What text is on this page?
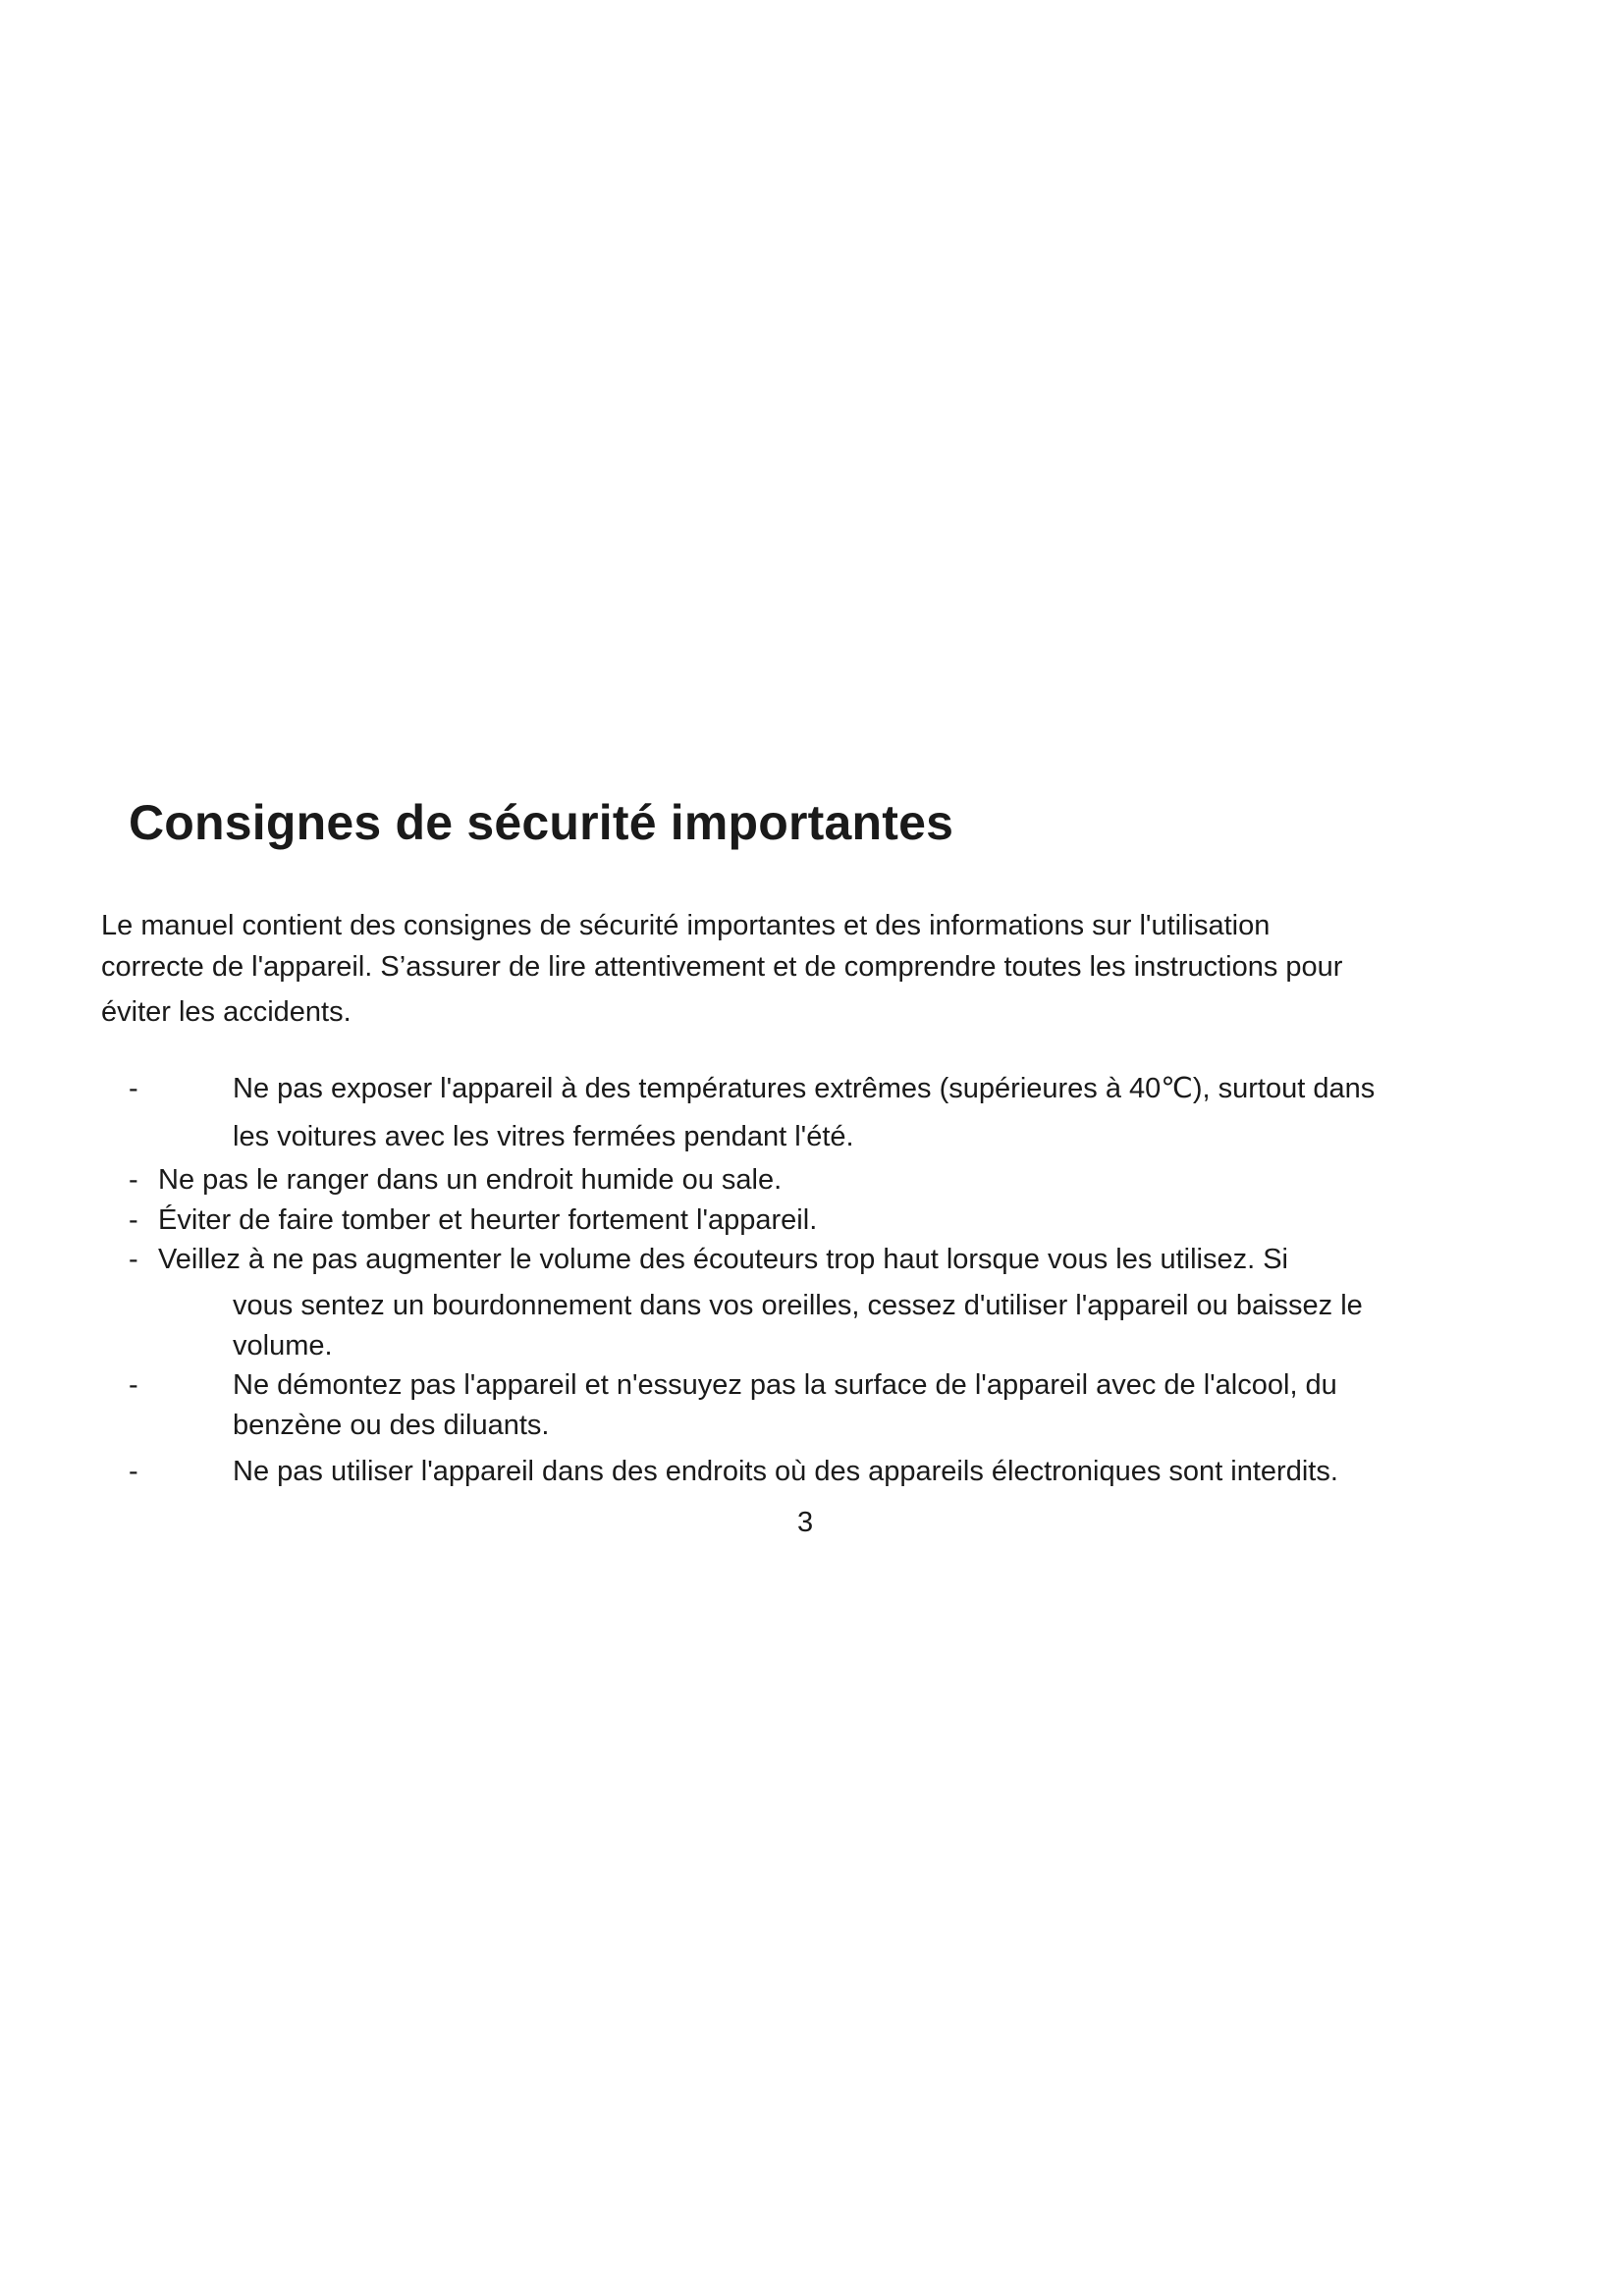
Consignes de sécurité importantes
Le manuel contient des consignes de sécurité importantes et des informations sur l'utilisation
correcte de l'appareil. S’assurer de lire attentivement et de comprendre toutes les instructions pour
éviter les accidents.
-	Ne pas exposer l'appareil à des températures extrêmes (supérieures à 40℃), surtout dans
les voitures avec les vitres fermées pendant l'été.
- Ne pas le ranger dans un endroit humide ou sale.
- Éviter de faire tomber et heurter fortement l'appareil.
- Veillez à ne pas augmenter le volume des écouteurs trop haut lorsque vous les utilisez. Si
vous sentez un bourdonnement dans vos oreilles, cessez d'utiliser l'appareil ou baissez le
volume.
-	Ne démontez pas l'appareil et n'essuyez pas la surface de l'appareil avec de l'alcool, du
benzène ou des diluants.
-	Ne pas utiliser l'appareil dans des endroits où des appareils électroniques sont interdits.
3
